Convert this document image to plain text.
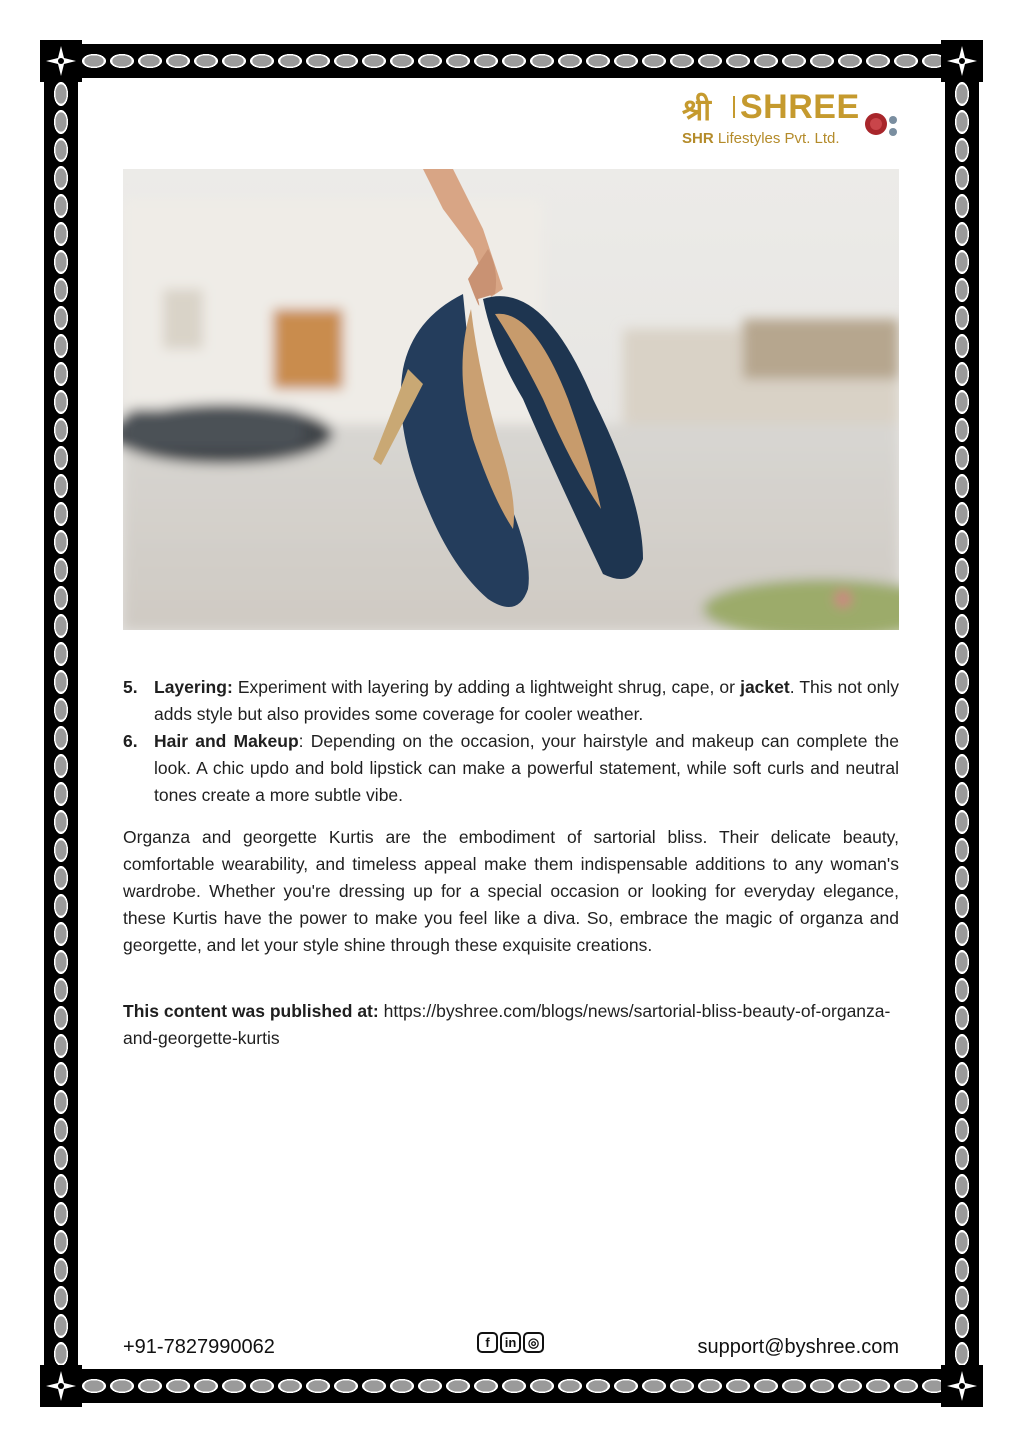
श्री SHREE
SHR Lifestyles Pvt. Ltd.
5. Layering: Experiment with layering by adding a lightweight shrug, cape, or jacket. This not only adds style but also provides some coverage for cooler weather.
6. Hair and Makeup: Depending on the occasion, your hairstyle and makeup can complete the look. A chic updo and bold lipstick can make a powerful statement, while soft curls and neutral tones create a more subtle vibe.
Organza and georgette Kurtis are the embodiment of sartorial bliss. Their delicate beauty, comfortable wearability, and timeless appeal make them indispensable additions to any woman's wardrobe. Whether you're dressing up for a special occasion or looking for everyday elegance, these Kurtis have the power to make you feel like a diva. So, embrace the magic of organza and georgette, and let your style shine through these exquisite creations.
This content was published at: https://byshree.com/blogs/news/sartorial-bliss-beauty-of-organza-and-georgette-kurtis
+91-7827990062	f	in ◎	support@byshree.com
